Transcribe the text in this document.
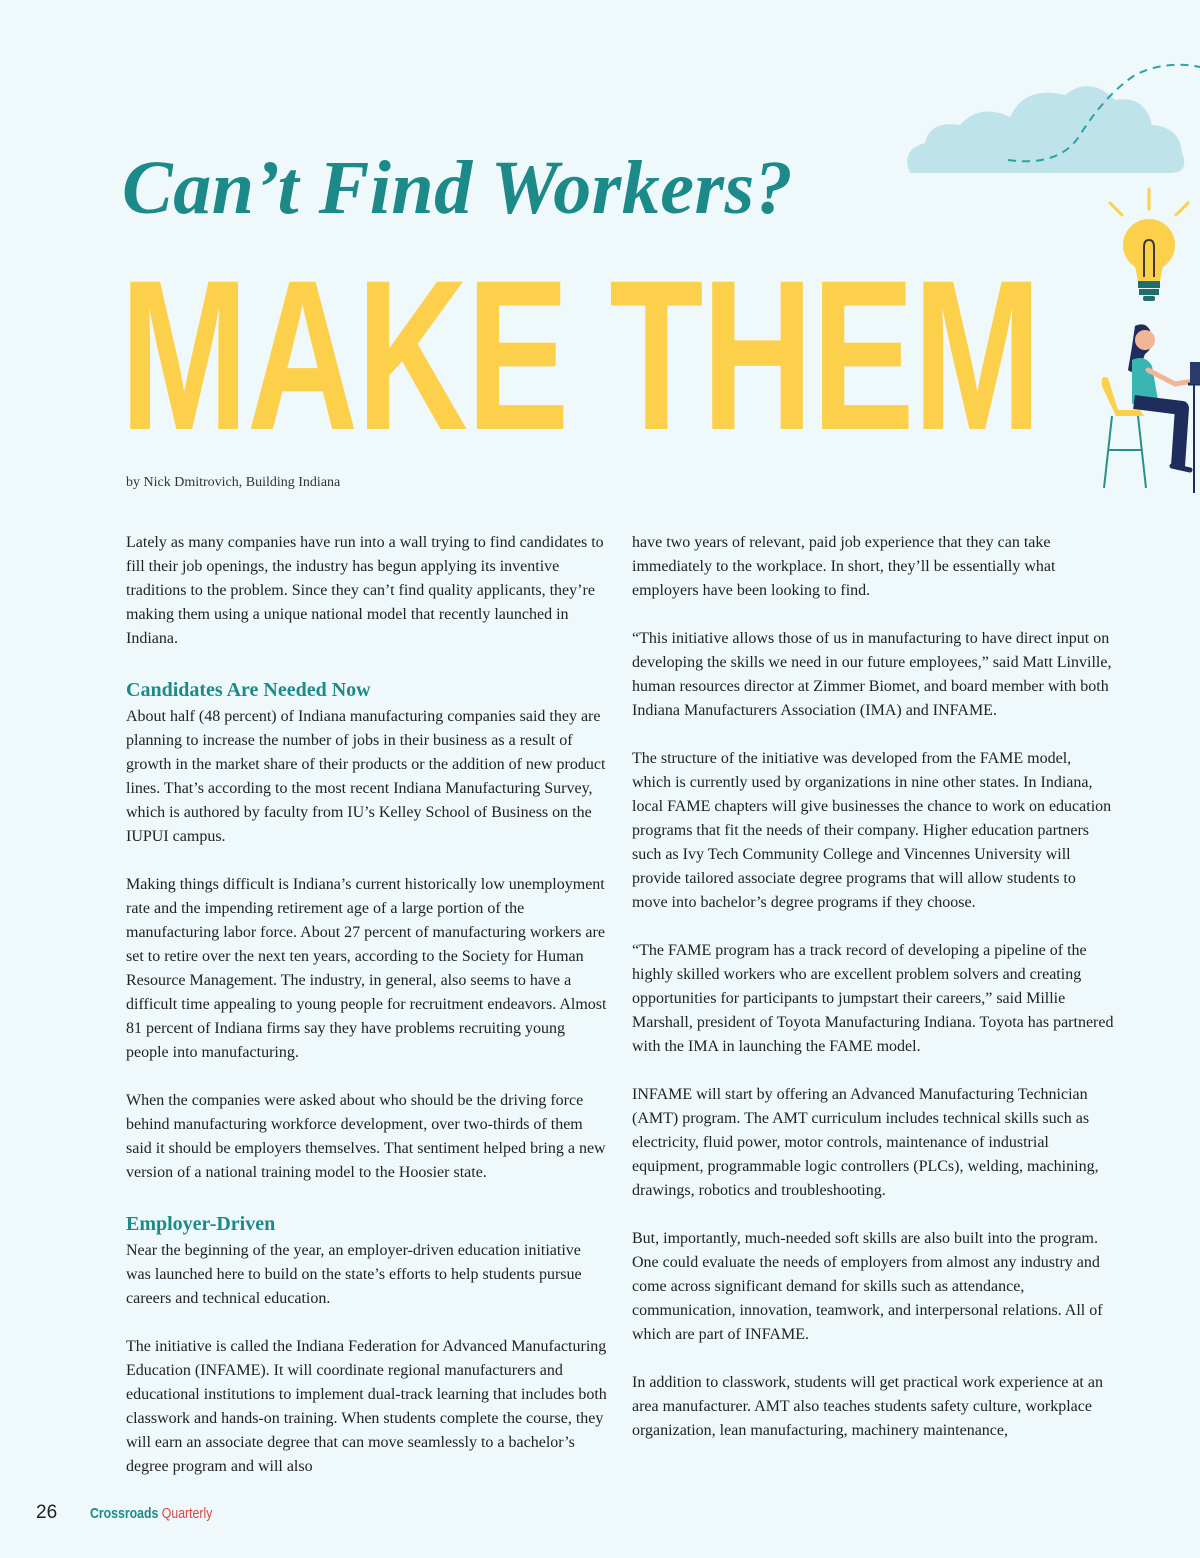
Can’t Find Workers?
MAKE THEM
by Nick Dmitrovich, Building Indiana

Lately as many companies have run into a wall trying to find candidates to fill their job openings, the industry has begun applying its inventive traditions to the problem. Since they can’t find quality applicants, they’re making them using a unique national model that recently launched in Indiana.

Candidates Are Needed Now

About half (48 percent) of Indiana manufacturing companies said they are planning to increase the number of jobs in their business as a result of growth in the market share of their products or the addition of new product lines. That’s according to the most recent Indiana Manufacturing Survey, which is authored by faculty from IU’s Kelley School of Business on the IUPUI campus.

Making things difficult is Indiana’s current historically low unemployment rate and the impending retirement age of a large portion of the manufacturing labor force. About 27 percent of manufacturing workers are set to retire over the next ten years, according to the Society for Human Resource Management. The industry, in general, also seems to have a difficult time appealing to young people for recruitment endeavors. Almost 81 percent of Indiana firms say they have problems recruiting young people into manufacturing.

When the companies were asked about who should be the driving force behind manufacturing workforce development, over two-thirds of them said it should be employers themselves. That sentiment helped bring a new version of a national training model to the Hoosier state.

Employer-Driven

Near the beginning of the year, an employer-driven education initiative was launched here to build on the state’s efforts to help students pursue careers and technical education.

The initiative is called the Indiana Federation for Advanced Manufacturing Education (INFAME). It will coordinate regional manufacturers and educational institutions to implement dual-track learning that includes both classwork and hands-on training. When students complete the course, they will earn an associate degree that can move seamlessly to a bachelor’s degree program and will also

have two years of relevant, paid job experience that they can take immediately to the workplace. In short, they’ll be essentially what employers have been looking to find.

“This initiative allows those of us in manufacturing to have direct input on developing the skills we need in our future employees,” said Matt Linville, human resources director at Zimmer Biomet, and board member with both Indiana Manufacturers Association (IMA) and INFAME.

The structure of the initiative was developed from the FAME model, which is currently used by organizations in nine other states. In Indiana, local FAME chapters will give businesses the chance to work on education programs that fit the needs of their company. Higher education partners such as Ivy Tech Community College and Vincennes University will provide tailored associate degree programs that will allow students to move into bachelor’s degree programs if they choose.

“The FAME program has a track record of developing a pipeline of the highly skilled workers who are excellent problem solvers and creating opportunities for participants to jumpstart their careers,” said Millie Marshall, president of Toyota Manufacturing Indiana. Toyota has partnered with the IMA in launching the FAME model.

INFAME will start by offering an Advanced Manufacturing Technician (AMT) program. The AMT curriculum includes technical skills such as electricity, fluid power, motor controls, maintenance of industrial equipment, programmable logic controllers (PLCs), welding, machining, drawings, robotics and troubleshooting.

But, importantly, much-needed soft skills are also built into the program. One could evaluate the needs of employers from almost any industry and come across significant demand for skills such as attendance, communication, innovation, teamwork, and interpersonal relations. All of which are part of INFAME.

In addition to classwork, students will get practical work experience at an area manufacturer. AMT also teaches students safety culture, workplace organization, lean manufacturing, machinery maintenance,

26 Crossroads Quarterly
